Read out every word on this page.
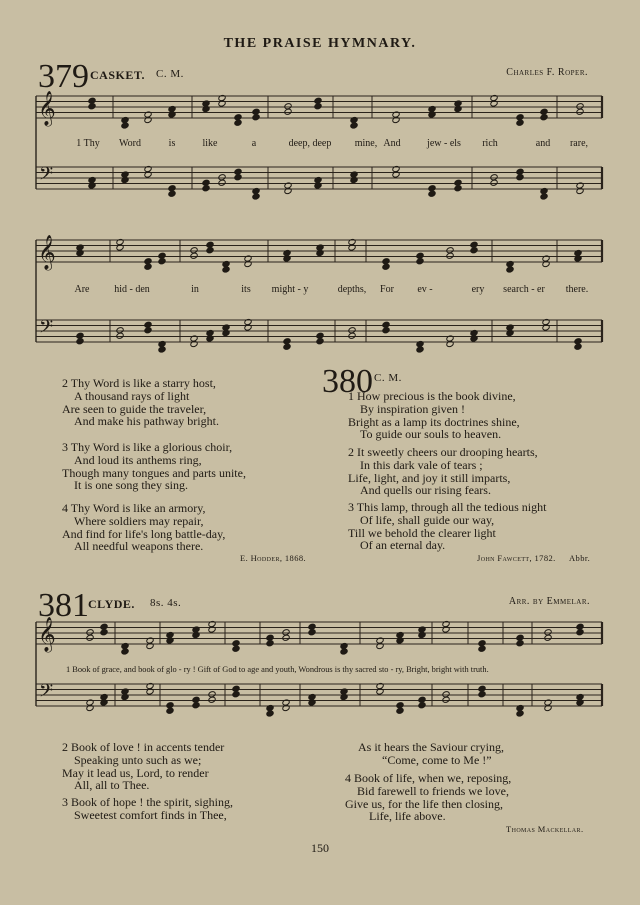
THE PRAISE HYMNARY.
379 CASKET. C. M.	Charles F. Roper.
𝄞
𝄢
𝄞
𝄢
1 Thy Word	is	like	a	deep, deep mine, And	jew - els rich	and rare,
Are hid - den	in	its might - y	depths, For ev -	ery search - er there.
2 Thy Word is like a starry host,
A thousand rays of light
Are seen to guide the traveler,
And make his pathway bright.
3 Thy Word is like a glorious choir,
And loud its anthems ring,
Though many tongues and parts unite,
It is one song they sing.
4 Thy Word is like an armory,
Where soldiers may repair,
And find for life's long battle-day,
All needful weapons there.
E. Hodder, 1868.
380 C. M.
1 How precious is the book divine,
By inspiration given !
Bright as a lamp its doctrines shine,
To guide our souls to heaven.
2 It sweetly cheers our drooping hearts,
In this dark vale of tears ;
Life, light, and joy it still imparts,
And quells our rising fears.
3 This lamp, through all the tedious night
Of life, shall guide our way,
Till we behold the clearer light
Of an eternal day.
John Fawcett, 1782. Abbr.
381 CLYDE. 8s. 4s.	Arr. by Emmelar.
𝄞
𝄢
1 Book of grace, and book of glo - ry ! Gift of God to age and youth, Wondrous is thy sacred sto - ry, Bright, bright with truth.
2 Book of love ! in accents tender
Speaking unto such as we;
May it lead us, Lord, to render
All, all to Thee.
3 Book of hope ! the spirit, sighing,
Sweetest comfort finds in Thee,
As it hears the Saviour crying,
“Come, come to Me !”
4 Book of life, when we, reposing,
Bid farewell to friends we love,
Give us, for the life then closing,
Life, life above.
Thomas Mackellar.
150
